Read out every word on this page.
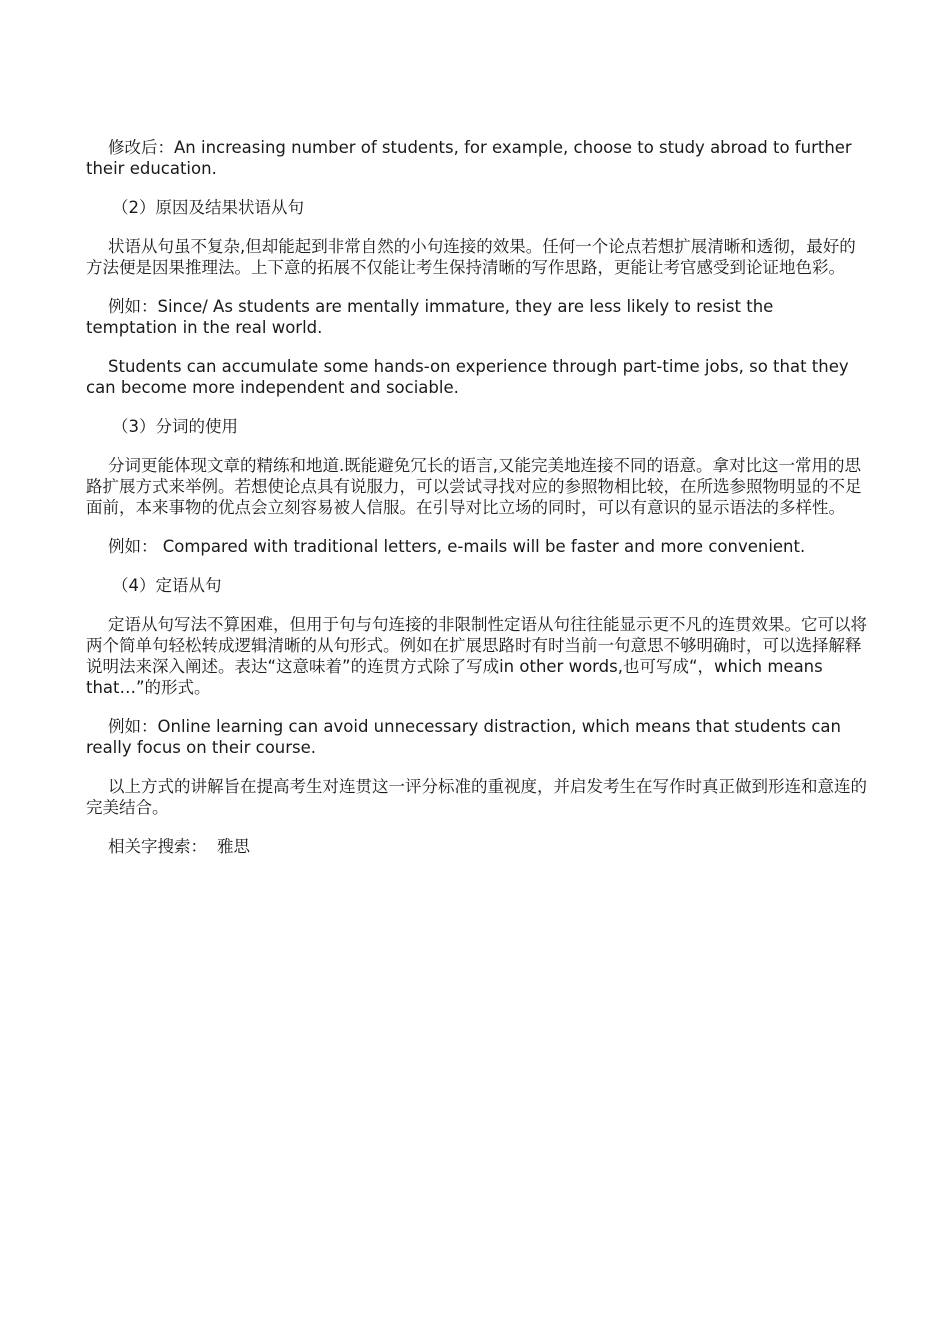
修改后：An increasing number of students, for example, choose to study abroad to further their education.

（2）原因及结果状语从句

状语从句虽不复杂,但却能起到非常自然的小句连接的效果。任何一个论点若想扩展清晰和透彻，最好的方法便是因果推理法。上下意的拓展不仅能让考生保持清晰的写作思路，更能让考官感受到论证地色彩。

例如：Since/ As students are mentally immature, they are less likely to resist the temptation in the real world.

Students can accumulate some hands-on experience through part-time jobs, so that they can become more independent and sociable.

（3）分词的使用

分词更能体现文章的精练和地道.既能避免冗长的语言,又能完美地连接不同的语意。拿对比这一常用的思路扩展方式来举例。若想使论点具有说服力，可以尝试寻找对应的参照物相比较，在所选参照物明显的不足面前，本来事物的优点会立刻容易被人信服。在引导对比立场的同时，可以有意识的显示语法的多样性。

例如： Compared with traditional letters, e-mails will be faster and more convenient.

（4）定语从句

定语从句写法不算困难，但用于句与句连接的非限制性定语从句往往能显示更不凡的连贯效果。它可以将两个简单句轻松转成逻辑清晰的从句形式。例如在扩展思路时有时当前一句意思不够明确时，可以选择解释说明法来深入阐述。表达“这意味着”的连贯方式除了写成in other words,也可写成“，which means that…”的形式。

例如：Online learning can avoid unnecessary distraction, which means that students can really focus on their course.

以上方式的讲解旨在提高考生对连贯这一评分标准的重视度，并启发考生在写作时真正做到形连和意连的完美结合。

相关字搜索： 雅思
